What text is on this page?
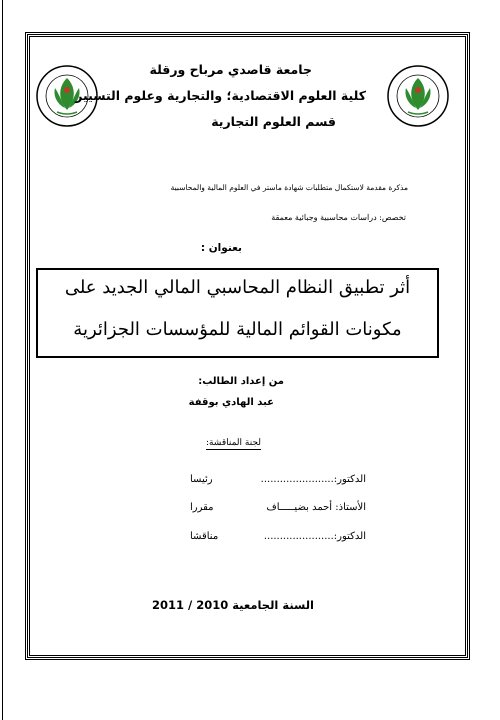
جامعة قاصدي مرباح ورقلة
كلية العلوم الاقتصادية؛ والتجارية وعلوم التسيير
قسم العلوم التجارية
مذكرة مقدمة لاستكمال متطلبات شهادة ماستر في العلوم المالية والمحاسبية
تخصص: دراسات محاسبية وجبائية معمقة
بعنوان :
أثر تطبيق النظام المحاسبي المالي الجديد على
مكونات القوائم المالية للمؤسسات الجزائرية
من إعداد الطالب:
عبد الهادي بوقفة
لجنة المناقشة:
الدكتور:.......................
رئيسا
الأستاذ: أحمد بضيـــــاف
مقررا
الدكتور:......................
مناقشا
السنة الجامعية 2010 / 2011
